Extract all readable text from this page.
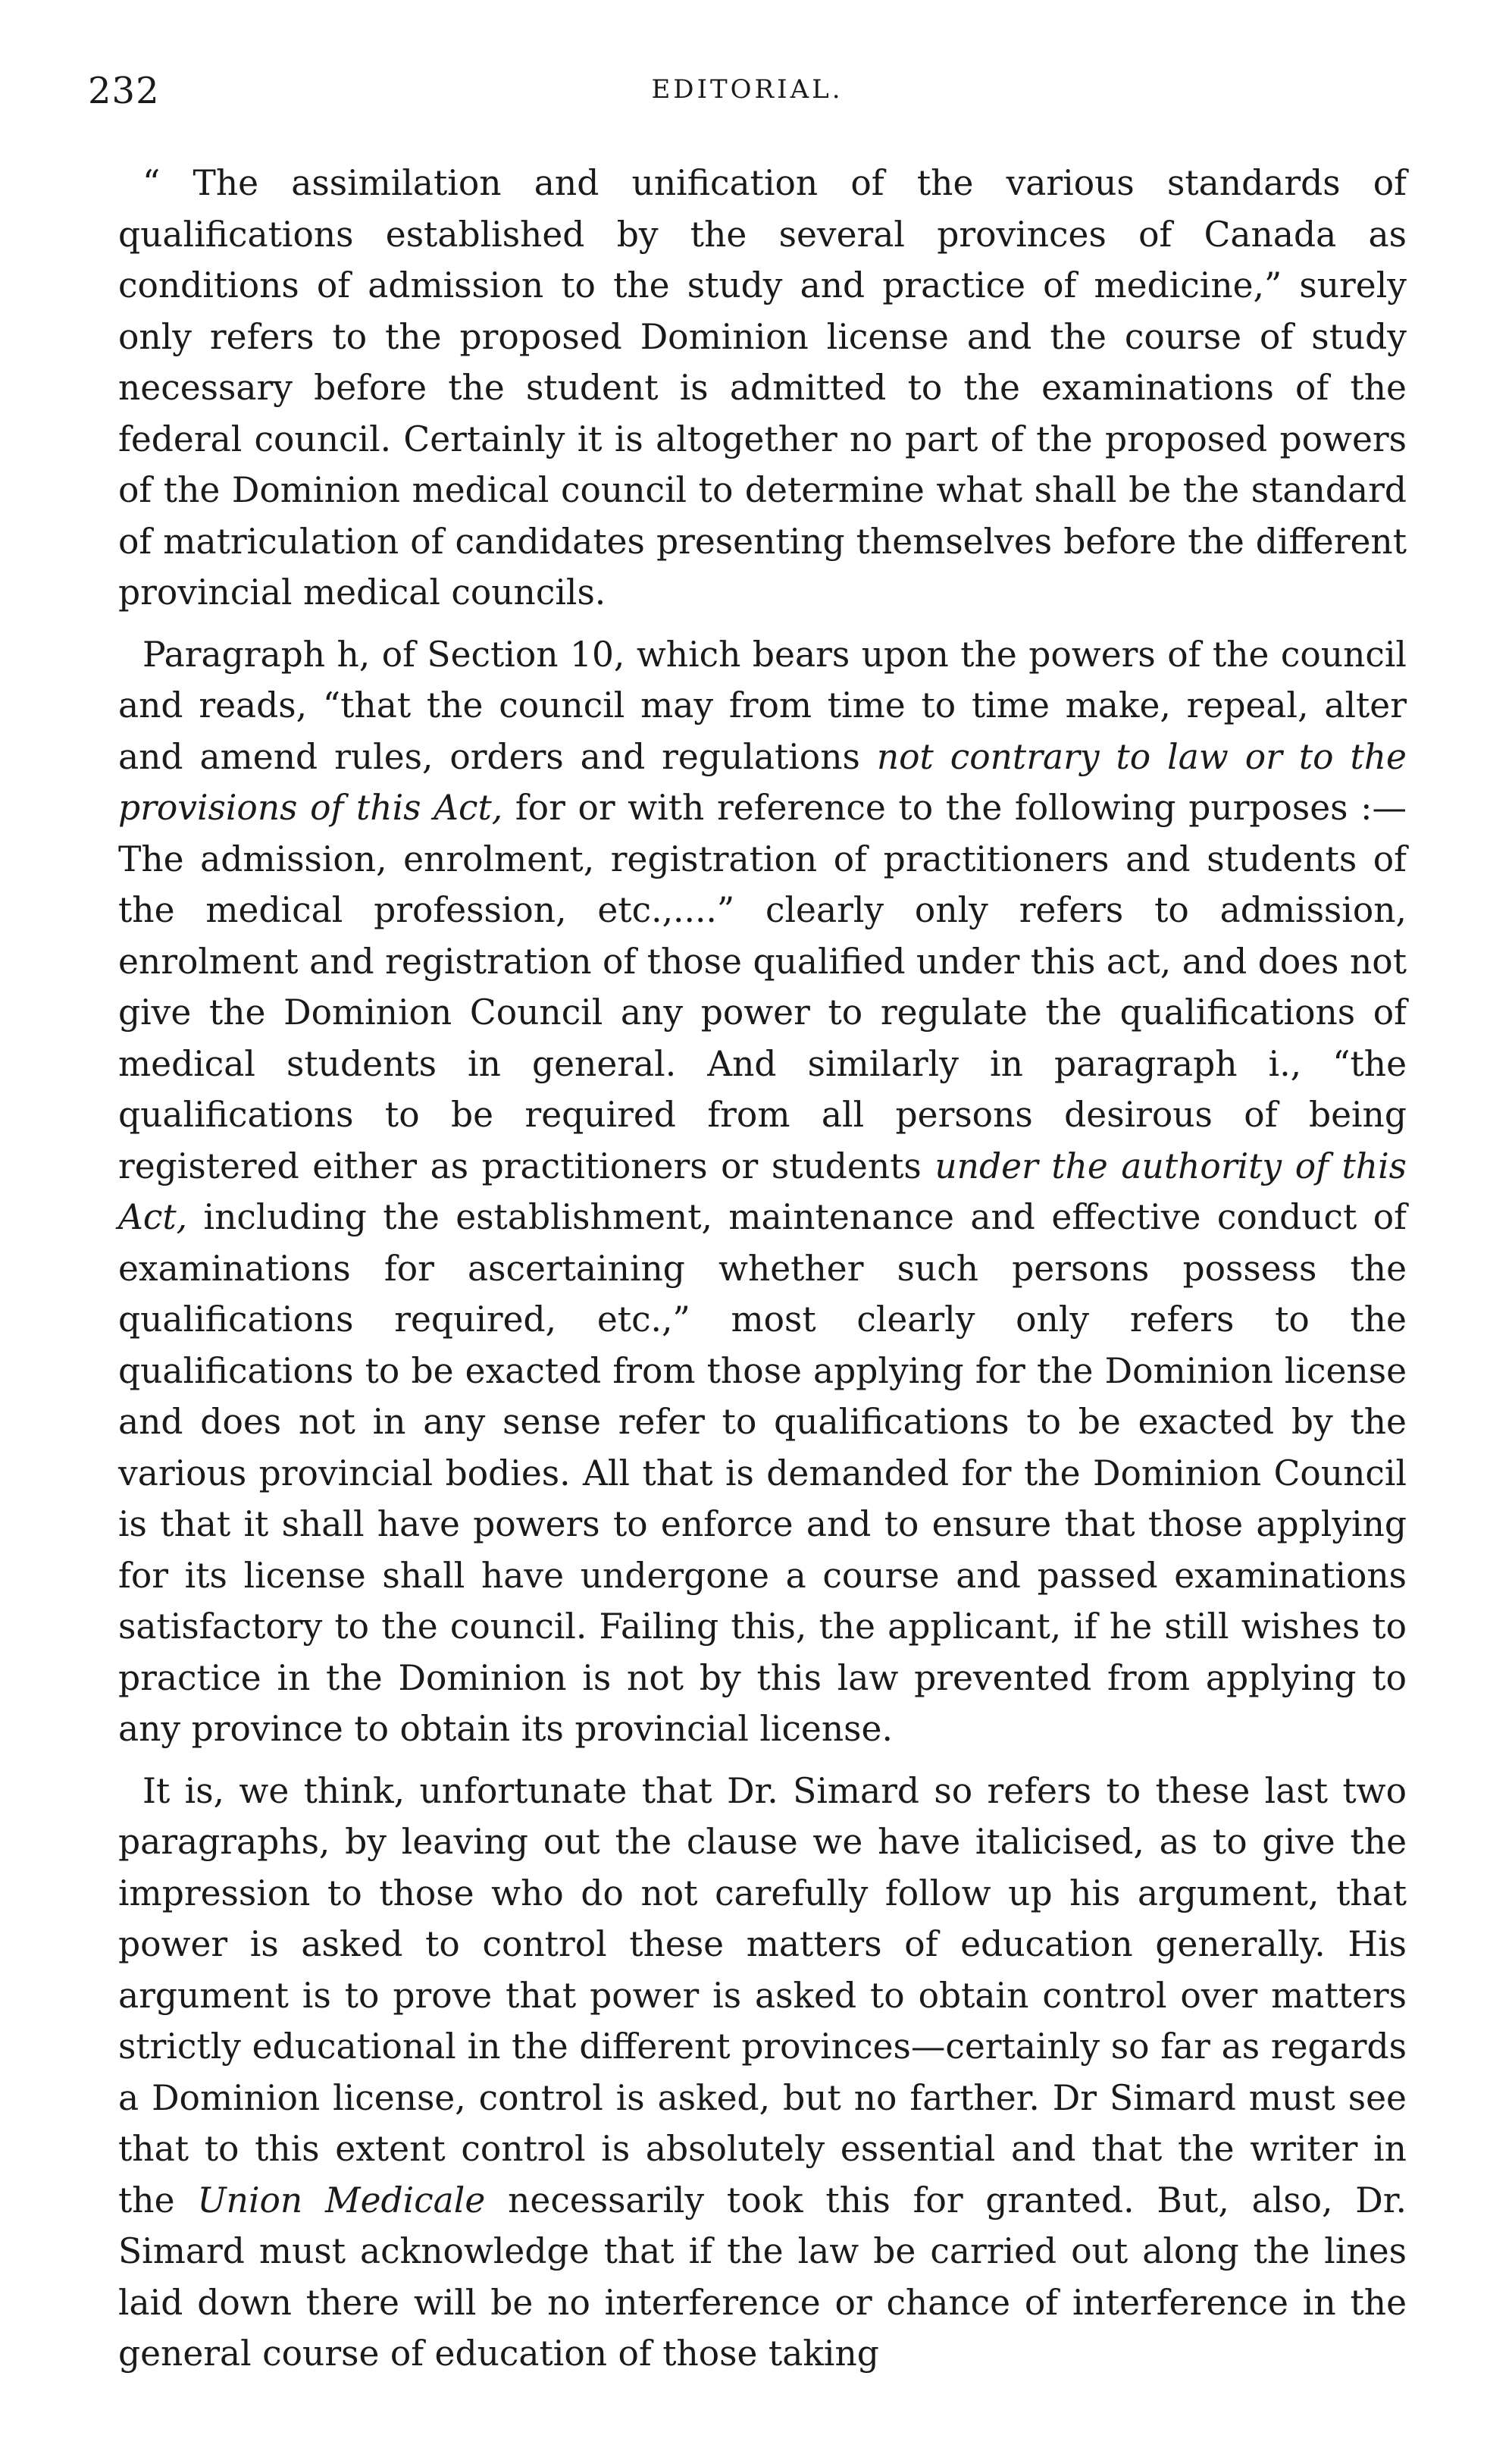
232	EDITORIAL.

“ The assimilation and unification of the various standards of qualifications established by the several provinces of Canada as conditions of admission to the study and practice of medicine,” surely only refers to the proposed Dominion license and the course of study necessary before the student is admitted to the examinations of the federal council. Certainly it is altogether no part of the proposed powers of the Dominion medical council to determine what shall be the standard of matriculation of candidates presenting themselves before the different provincial medical councils.

Paragraph h, of Section 10, which bears upon the powers of the council and reads, “that the council may from time to time make, repeal, alter and amend rules, orders and regulations not contrary to law or to the provisions of this Act, for or with reference to the following purposes :—The admission, enrolment, registration of practitioners and students of the medical profession, etc.,....” clearly only refers to admission, enrolment and registration of those qualified under this act, and does not give the Dominion Council any power to regulate the qualifications of medical students in general. And similarly in paragraph i., “the qualifications to be required from all persons desirous of being registered either as practitioners or students under the authority of this Act, including the establishment, maintenance and effective conduct of examinations for ascertaining whether such persons possess the qualifications required, etc.,” most clearly only refers to the qualifications to be exacted from those applying for the Dominion license and does not in any sense refer to qualifications to be exacted by the various provincial bodies. All that is demanded for the Dominion Council is that it shall have powers to enforce and to ensure that those applying for its license shall have undergone a course and passed examinations satisfactory to the council. Failing this, the applicant, if he still wishes to practice in the Dominion is not by this law prevented from applying to any province to obtain its provincial license.

It is, we think, unfortunate that Dr. Simard so refers to these last two paragraphs, by leaving out the clause we have italicised, as to give the impression to those who do not carefully follow up his argument, that power is asked to control these matters of education generally. His argument is to prove that power is asked to obtain control over matters strictly educational in the different provinces—certainly so far as regards a Dominion license, control is asked, but no farther. Dr Simard must see that to this extent control is absolutely essential and that the writer in the Union Medicale necessarily took this for granted. But, also, Dr. Simard must acknowledge that if the law be carried out along the lines laid down there will be no interference or chance of interference in the general course of education of those taking
